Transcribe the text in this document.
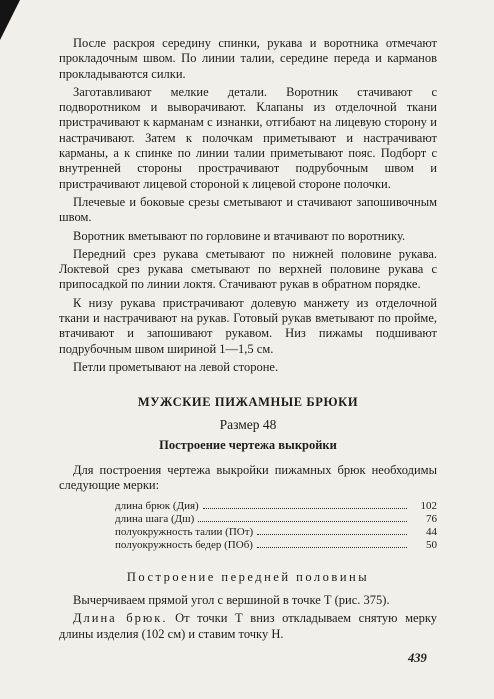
После раскроя середину спинки, рукава и воротника отмечают прокладочным швом. По линии талии, середине переда и карманов прокладываются силки.

Заготавливают мелкие детали. Воротник стачивают с подворотником и выворачивают. Клапаны из отделочной ткани пристрачивают к карманам с изнанки, отгибают на лицевую сторону и настрачивают. Затем к полочкам приметывают и настрачивают карманы, а к спинке по линии талии приметывают пояс. Подборт с внутренней стороны прострачивают подрубочным швом и пристрачивают лицевой стороной к лицевой стороне полочки.

Плечевые и боковые срезы сметывают и стачивают запошивочным швом.

Воротник вметывают по горловине и втачивают по воротнику.

Передний срез рукава сметывают по нижней половине рукава. Локтевой срез рукава сметывают по верхней половине рукава с припосадкой по линии локтя. Стачивают рукав в обратном порядке.

К низу рукава пристрачивают долевую манжету из отделочной ткани и настрачивают на рукав. Готовый рукав вметывают по пройме, втачивают и запошивают рукавом. Низ пижамы подшивают подрубочным швом шириной 1—1,5 см.

Петли прометывают на левой стороне.

МУЖСКИЕ ПИЖАМНЫЕ БРЮКИ
Размер 48
Построение чертежа выкройки

Для построения чертежа выкройки пижамных брюк необходимы следующие мерки:

длина брюк (Дия)	102
длина шага (Дш)	76
полуокружность талии (ПОт)	44
полуокружность бедер (ПОб)	50
Построение передней половины

Вычерчиваем прямой угол с вершиной в точке Т (рис. 375).

Длина брюк. От точки Т вниз откладываем снятую мерку длины изделия (102 см) и ставим точку Н.

439
